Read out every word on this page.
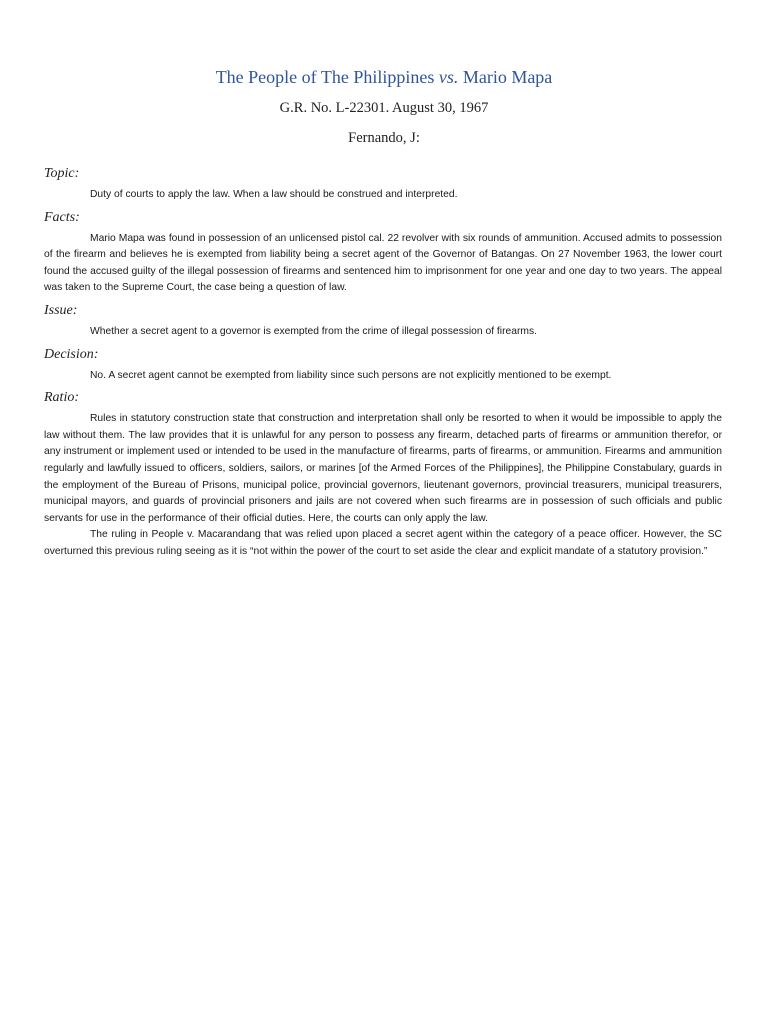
The People of The Philippines vs. Mario Mapa
G.R. No. L-22301. August 30, 1967
Fernando, J:
Topic:

Duty of courts to apply the law. When a law should be construed and interpreted.

Facts:

Mario Mapa was found in possession of an unlicensed pistol cal. 22 revolver with six rounds of ammunition. Accused admits to possession of the firearm and believes he is exempted from liability being a secret agent of the Governor of Batangas. On 27 November 1963, the lower court found the accused guilty of the illegal possession of firearms and sentenced him to imprisonment for one year and one day to two years. The appeal was taken to the Supreme Court, the case being a question of law.

Issue:

Whether a secret agent to a governor is exempted from the crime of illegal possession of firearms.

Decision:

No. A secret agent cannot be exempted from liability since such persons are not explicitly mentioned to be exempt.

Ratio:

Rules in statutory construction state that construction and interpretation shall only be resorted to when it would be impossible to apply the law without them. The law provides that it is unlawful for any person to possess any firearm, detached parts of firearms or ammunition therefor, or any instrument or implement used or intended to be used in the manufacture of firearms, parts of firearms, or ammunition. Firearms and ammunition regularly and lawfully issued to officers, soldiers, sailors, or marines [of the Armed Forces of the Philippines], the Philippine Constabulary, guards in the employment of the Bureau of Prisons, municipal police, provincial governors, lieutenant governors, provincial treasurers, municipal treasurers, municipal mayors, and guards of provincial prisoners and jails are not covered when such firearms are in possession of such officials and public servants for use in the performance of their official duties. Here, the courts can only apply the law.

The ruling in People v. Macarandang that was relied upon placed a secret agent within the category of a peace officer. However, the SC overturned this previous ruling seeing as it is “not within the power of the court to set aside the clear and explicit mandate of a statutory provision.”
